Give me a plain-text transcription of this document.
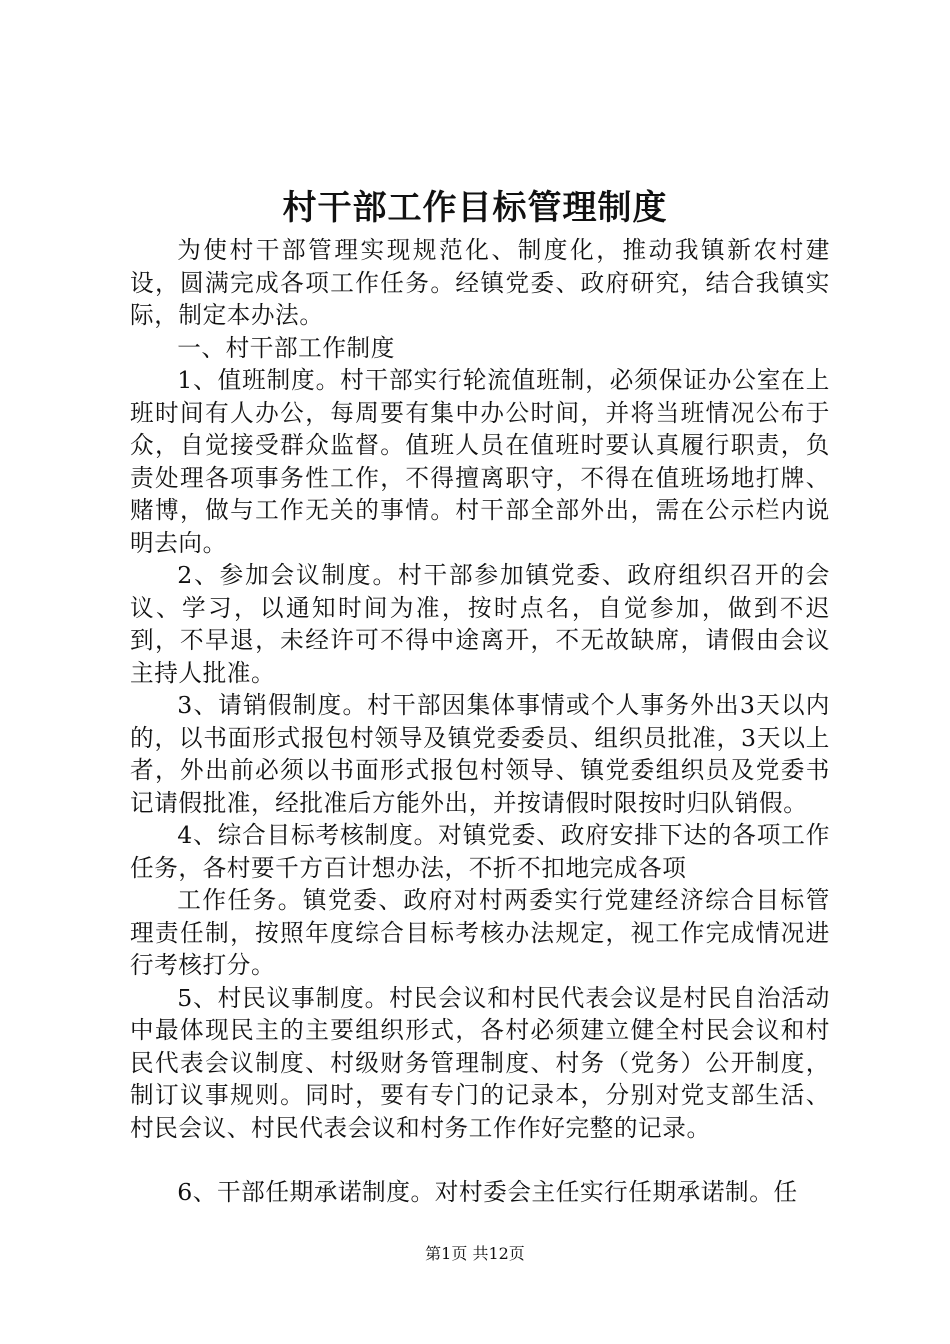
村干部工作目标管理制度

为使村干部管理实现规范化、制度化，推动我镇新农村建设，圆满完成各项工作任务。经镇党委、政府研究，结合我镇实际，制定本办法。

一、村干部工作制度

1、值班制度。村干部实行轮流值班制，必须保证办公室在上班时间有人办公，每周要有集中办公时间，并将当班情况公布于众，自觉接受群众监督。值班人员在值班时要认真履行职责，负责处理各项事务性工作，不得擅离职守，不得在值班场地打牌、赌博，做与工作无关的事情。村干部全部外出，需在公示栏内说明去向。

2、参加会议制度。村干部参加镇党委、政府组织召开的会议、学习，以通知时间为准，按时点名，自觉参加，做到不迟到，不早退，未经许可不得中途离开，不无故缺席，请假由会议主持人批准。

3、请销假制度。村干部因集体事情或个人事务外出3天以内的，以书面形式报包村领导及镇党委委员、组织员批准，3天以上者，外出前必须以书面形式报包村领导、镇党委组织员及党委书记请假批准，经批准后方能外出，并按请假时限按时归队销假。

4、综合目标考核制度。对镇党委、政府安排下达的各项工作任务，各村要千方百计想办法，不折不扣地完成各项

工作任务。镇党委、政府对村两委实行党建经济综合目标管理责任制，按照年度综合目标考核办法规定，视工作完成情况进行考核打分。

5、村民议事制度。村民会议和村民代表会议是村民自治活动中最体现民主的主要组织形式，各村必须建立健全村民会议和村民代表会议制度、村级财务管理制度、村务（党务）公开制度，制订议事规则。同时，要有专门的记录本，分别对党支部生活、村民会议、村民代表会议和村务工作作好完整的记录。

6、干部任期承诺制度。对村委会主任实行任期承诺制。任

第1页 共12页
